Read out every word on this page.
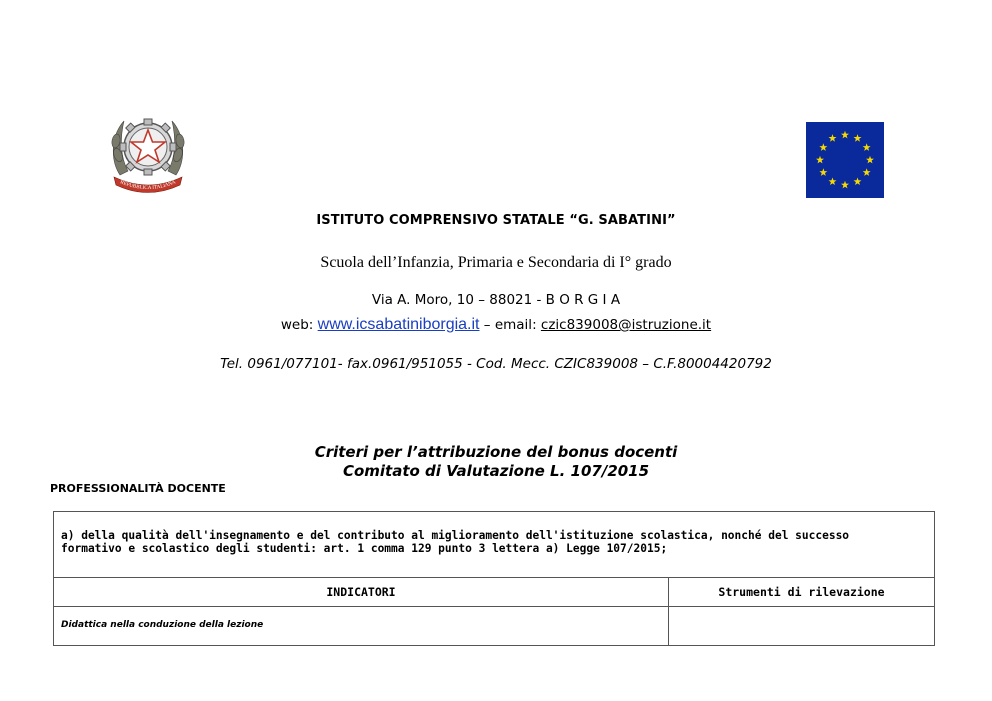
REPUBBLICA ITALIANA
ISTITUTO COMPRENSIVO STATALE “G. SABATINI”
Scuola dell’Infanzia, Primaria e Secondaria di I° grado
Via A. Moro, 10 – 88021 - B O R G I A
web: www.icsabatiniborgia.it – email: czic839008@istruzione.it
Tel. 0961/077101- fax.0961/951055 - Cod. Mecc. CZIC839008 – C.F.80004420792
Criteri per l’attribuzione del bonus docenti
Comitato di Valutazione L. 107/2015
PROFESSIONALITÀ DOCENTE
a) della qualità dell'insegnamento e del contributo al miglioramento dell'istituzione scolastica, nonché del successo
formativo e scolastico degli studenti: art. 1 comma 129 punto 3 lettera a) Legge 107/2015;
INDICATORI	Strumenti di rilevazione
Didattica nella conduzione della lezione
